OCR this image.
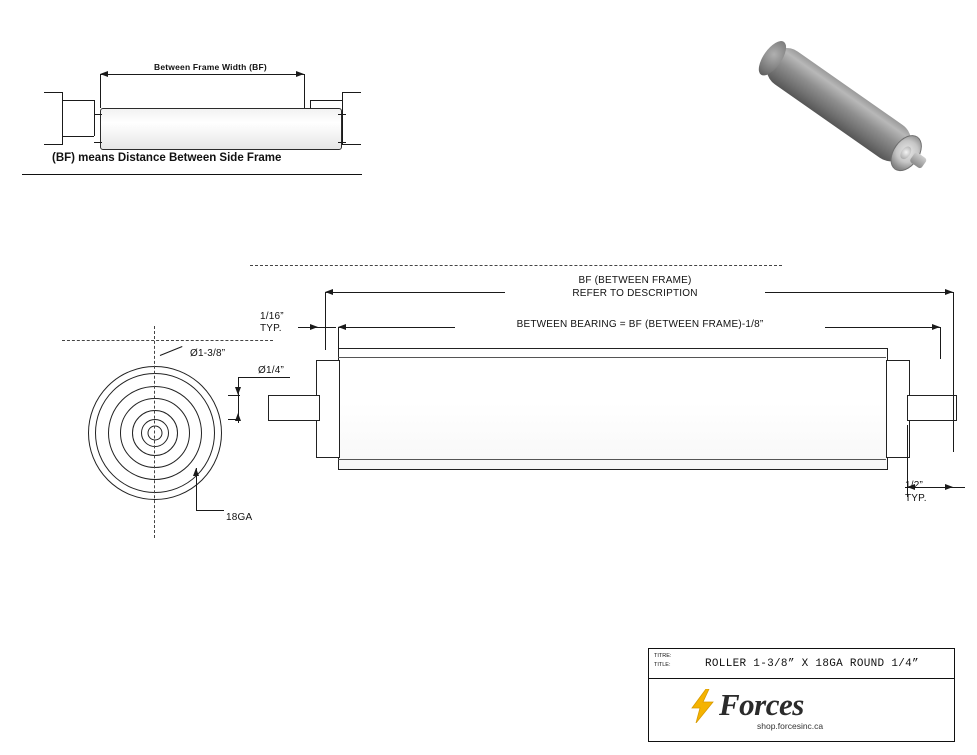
Between Frame Width (BF)
(BF) means Distance Between Side Frame
Ø1-3/8”
18GA
BF (BETWEEN FRAME)
REFER TO DESCRIPTION
BETWEEN BEARING = BF (BETWEEN FRAME)-1/8”
1/16”
TYP.
Ø1/4”
1/2”
TYP.
TITRE:
TITLE:	ROLLER 1-3/8” X 18GA ROUND 1/4”
Forces
shop.forcesinc.ca
